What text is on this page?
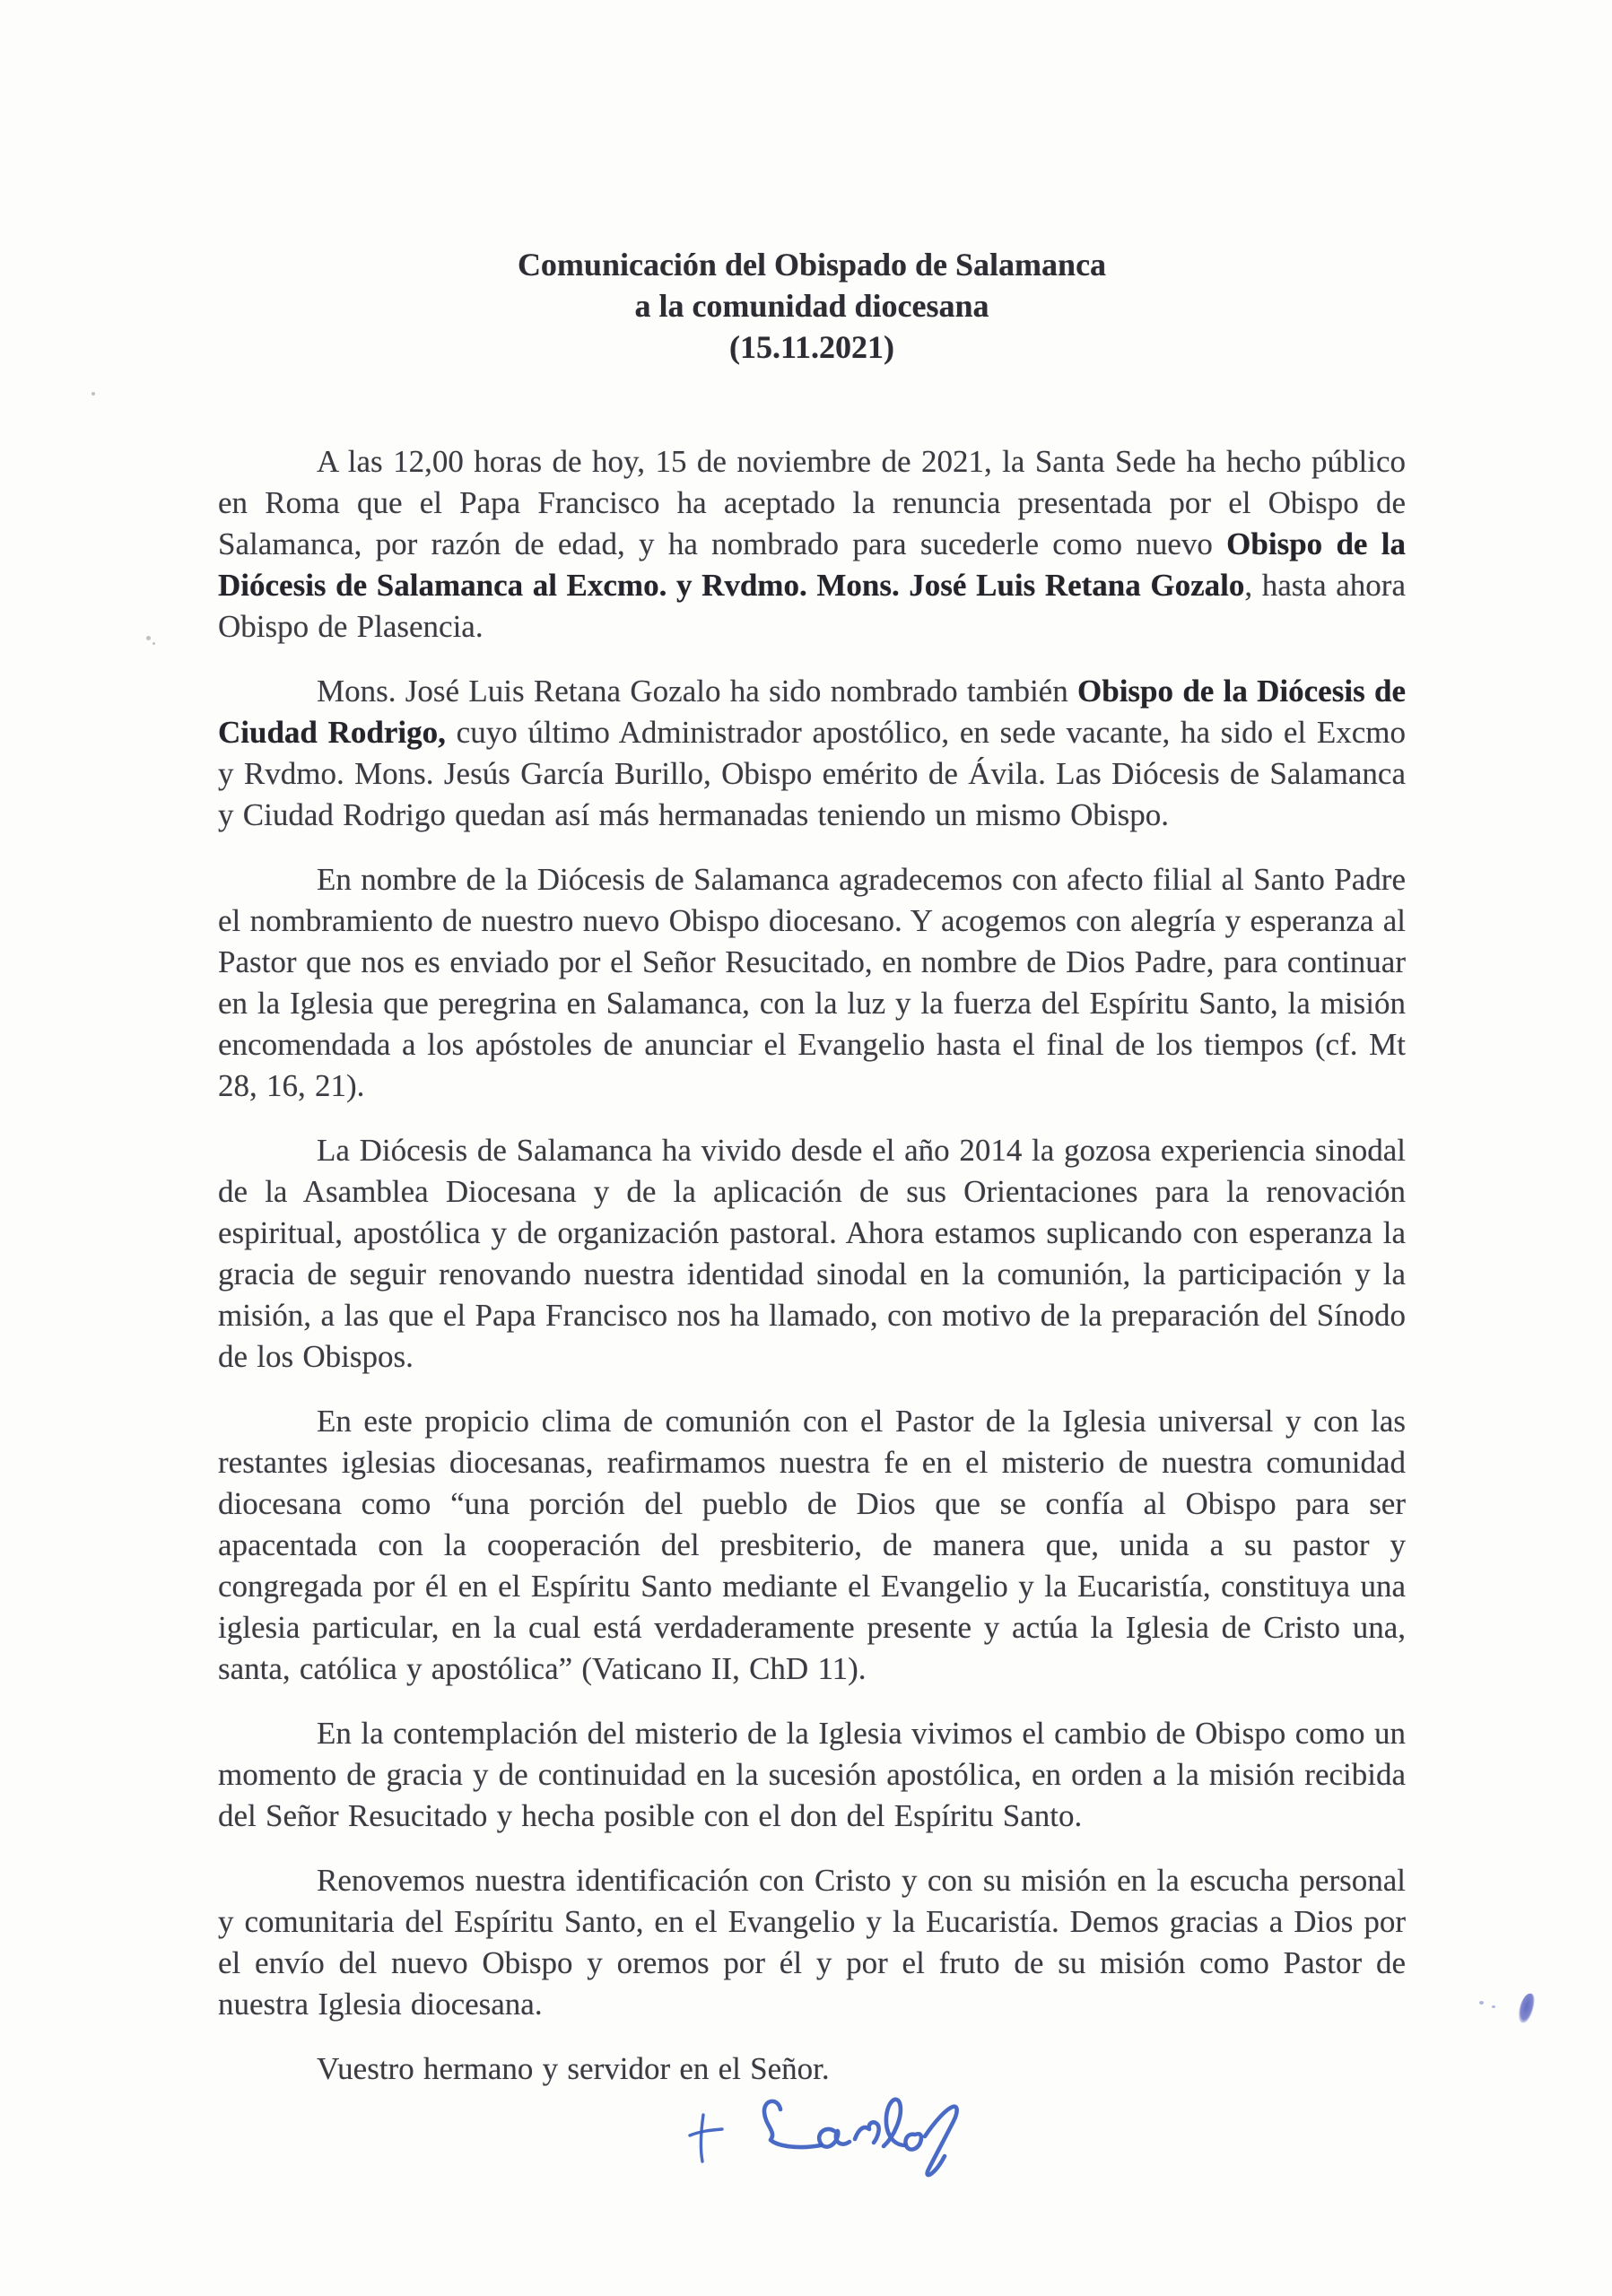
Comunicación del Obispado de Salamanca
a la comunidad diocesana
(15.11.2021)

A las 12,00 horas de hoy, 15 de noviembre de 2021, la Santa Sede ha hecho público en Roma que el Papa Francisco ha aceptado la renuncia presentada por el Obispo de Salamanca, por razón de edad, y ha nombrado para sucederle como nuevo Obispo de la Diócesis de Salamanca al Excmo. y Rvdmo. Mons. José Luis Retana Gozalo, hasta ahora Obispo de Plasencia.

Mons. José Luis Retana Gozalo ha sido nombrado también Obispo de la Diócesis de Ciudad Rodrigo, cuyo último Administrador apostólico, en sede vacante, ha sido el Excmo y Rvdmo. Mons. Jesús García Burillo, Obispo emérito de Ávila. Las Diócesis de Salamanca y Ciudad Rodrigo quedan así más hermanadas teniendo un mismo Obispo.

En nombre de la Diócesis de Salamanca agradecemos con afecto filial al Santo Padre el nombramiento de nuestro nuevo Obispo diocesano. Y acogemos con alegría y esperanza al Pastor que nos es enviado por el Señor Resucitado, en nombre de Dios Padre, para continuar en la Iglesia que peregrina en Salamanca, con la luz y la fuerza del Espíritu Santo, la misión encomendada a los apóstoles de anunciar el Evangelio hasta el final de los tiempos (cf. Mt 28, 16, 21).

La Diócesis de Salamanca ha vivido desde el año 2014 la gozosa experiencia sinodal de la Asamblea Diocesana y de la aplicación de sus Orientaciones para la renovación espiritual, apostólica y de organización pastoral. Ahora estamos suplicando con esperanza la gracia de seguir renovando nuestra identidad sinodal en la comunión, la participación y la misión, a las que el Papa Francisco nos ha llamado, con motivo de la preparación del Sínodo de los Obispos.

En este propicio clima de comunión con el Pastor de la Iglesia universal y con las restantes iglesias diocesanas, reafirmamos nuestra fe en el misterio de nuestra comunidad diocesana como “una porción del pueblo de Dios que se confía al Obispo para ser apacentada con la cooperación del presbiterio, de manera que, unida a su pastor y congregada por él en el Espíritu Santo mediante el Evangelio y la Eucaristía, constituya una iglesia particular, en la cual está verdaderamente presente y actúa la Iglesia de Cristo una, santa, católica y apostólica” (Vaticano II, ChD 11).

En la contemplación del misterio de la Iglesia vivimos el cambio de Obispo como un momento de gracia y de continuidad en la sucesión apostólica, en orden a la misión recibida del Señor Resucitado y hecha posible con el don del Espíritu Santo.

Renovemos nuestra identificación con Cristo y con su misión en la escucha personal y comunitaria del Espíritu Santo, en el Evangelio y la Eucaristía. Demos gracias a Dios por el envío del nuevo Obispo y oremos por él y por el fruto de su misión como Pastor de nuestra Iglesia diocesana.

Vuestro hermano y servidor en el Señor.
